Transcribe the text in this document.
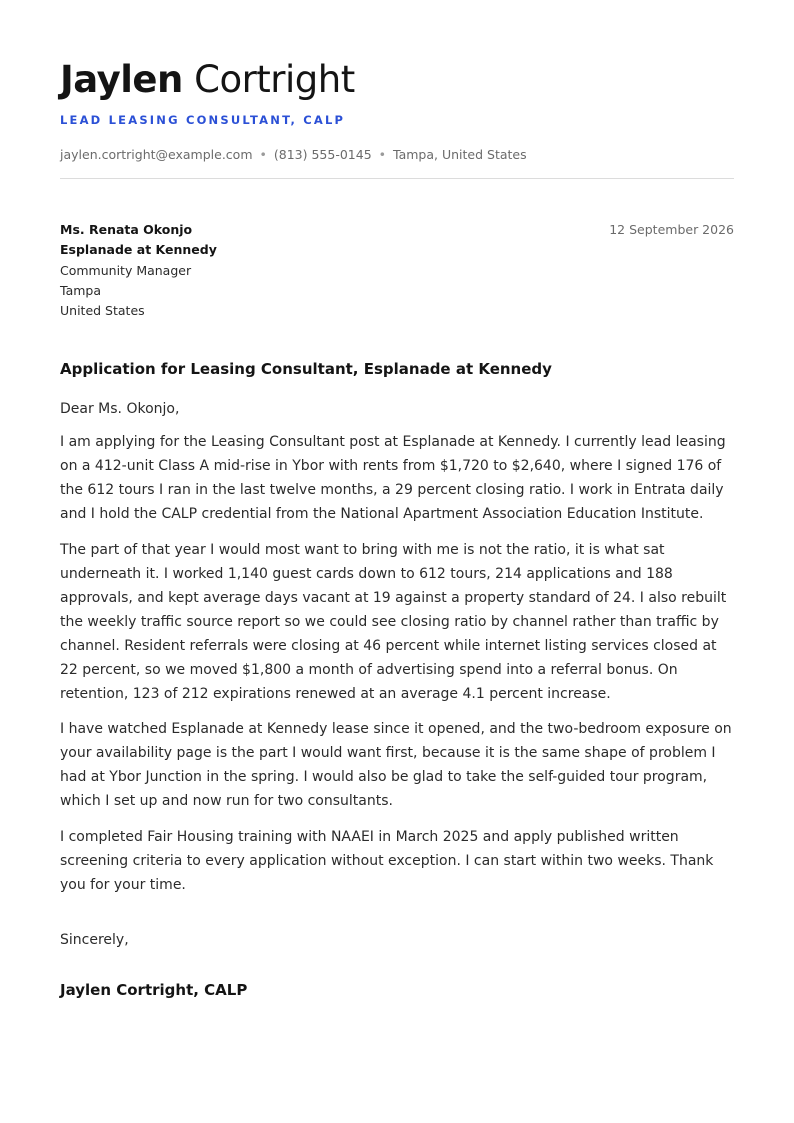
Jaylen Cortright
LEAD LEASING CONSULTANT, CALP
jaylen.cortright@example.com • (813) 555-0145 • Tampa, United States
Ms. Renata Okonjo
Esplanade at Kennedy
Community Manager
Tampa
United States
12 September 2026
Application for Leasing Consultant, Esplanade at Kennedy
Dear Ms. Okonjo,
I am applying for the Leasing Consultant post at Esplanade at Kennedy. I currently lead leasing on a 412-unit Class A mid-rise in Ybor with rents from $1,720 to $2,640, where I signed 176 of the 612 tours I ran in the last twelve months, a 29 percent closing ratio. I work in Entrata daily and I hold the CALP credential from the National Apartment Association Education Institute.
The part of that year I would most want to bring with me is not the ratio, it is what sat underneath it. I worked 1,140 guest cards down to 612 tours, 214 applications and 188 approvals, and kept average days vacant at 19 against a property standard of 24. I also rebuilt the weekly traffic source report so we could see closing ratio by channel rather than traffic by channel. Resident referrals were closing at 46 percent while internet listing services closed at 22 percent, so we moved $1,800 a month of advertising spend into a referral bonus. On retention, 123 of 212 expirations renewed at an average 4.1 percent increase.
I have watched Esplanade at Kennedy lease since it opened, and the two-bedroom exposure on your availability page is the part I would want first, because it is the same shape of problem I had at Ybor Junction in the spring. I would also be glad to take the self-guided tour program, which I set up and now run for two consultants.
I completed Fair Housing training with NAAEI in March 2025 and apply published written screening criteria to every application without exception. I can start within two weeks. Thank you for your time.
Sincerely,
Jaylen Cortright, CALP
